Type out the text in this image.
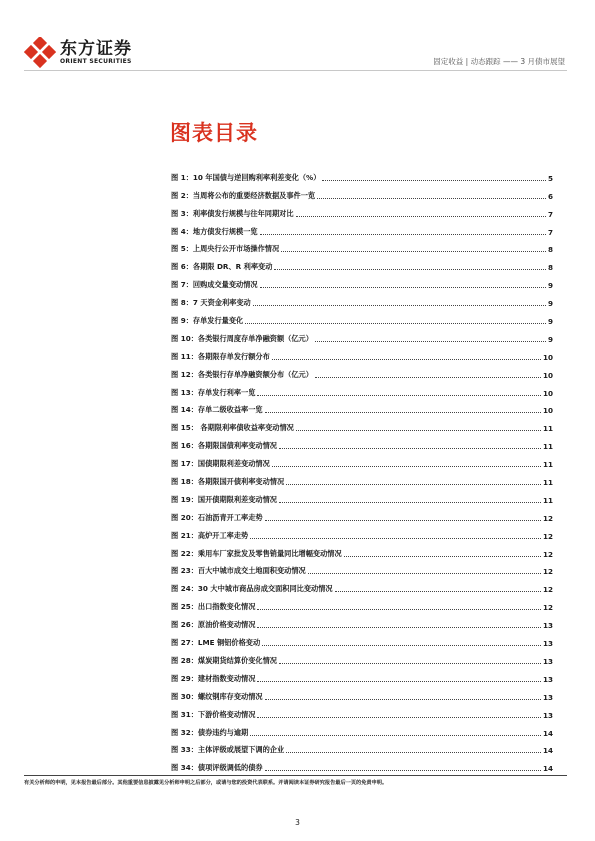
东方证券
ORIENT SECURITIES	固定收益 | 动态跟踪 —— 3 月债市展望
图表目录
图 1：10 年国债与逆回购利率利差变化（%）	5
图 2：当周将公布的重要经济数据及事件一览	6
图 3：利率债发行规模与往年同期对比	7
图 4：地方债发行规模一览	7
图 5：上周央行公开市场操作情况	8
图 6：各期限 DR、R 利率变动	8
图 7：回购成交量变动情况	9
图 8：7 天资金利率变动	9
图 9：存单发行量变化	9
图 10：各类银行周度存单净融资额（亿元）	9
图 11：各期限存单发行额分布	10
图 12：各类银行存单净融资额分布（亿元）	10
图 13：存单发行利率一览	10
图 14：存单二级收益率一览	10
图 15： 各期限利率债收益率变动情况	11
图 16：各期限国债利率变动情况	11
图 17：国债期限利差变动情况	11
图 18：各期限国开债利率变动情况	11
图 19：国开债期限利差变动情况	11
图 20：石油沥青开工率走势	12
图 21：高炉开工率走势	12
图 22：乘用车厂家批发及零售销量同比增幅变动情况	12
图 23：百大中城市成交土地面积变动情况	12
图 24：30 大中城市商品房成交面积同比变动情况	12
图 25：出口指数变化情况	12
图 26：原油价格变动情况	13
图 27：LME 铜铝价格变动	13
图 28：煤炭期货结算价变化情况	13
图 29：建材指数变动情况	13
图 30：螺纹钢库存变动情况	13
图 31：下游价格变动情况	13
图 32：债券违约与逾期	14
图 33：主体评级或展望下调的企业	14
图 34：债项评级调低的债券	14
有关分析师的申明，见本报告最后部分。其他重要信息披露见分析师申明之后部分，或请与您的投资代表联系。并请阅读本证券研究报告最后一页的免责申明。
3
